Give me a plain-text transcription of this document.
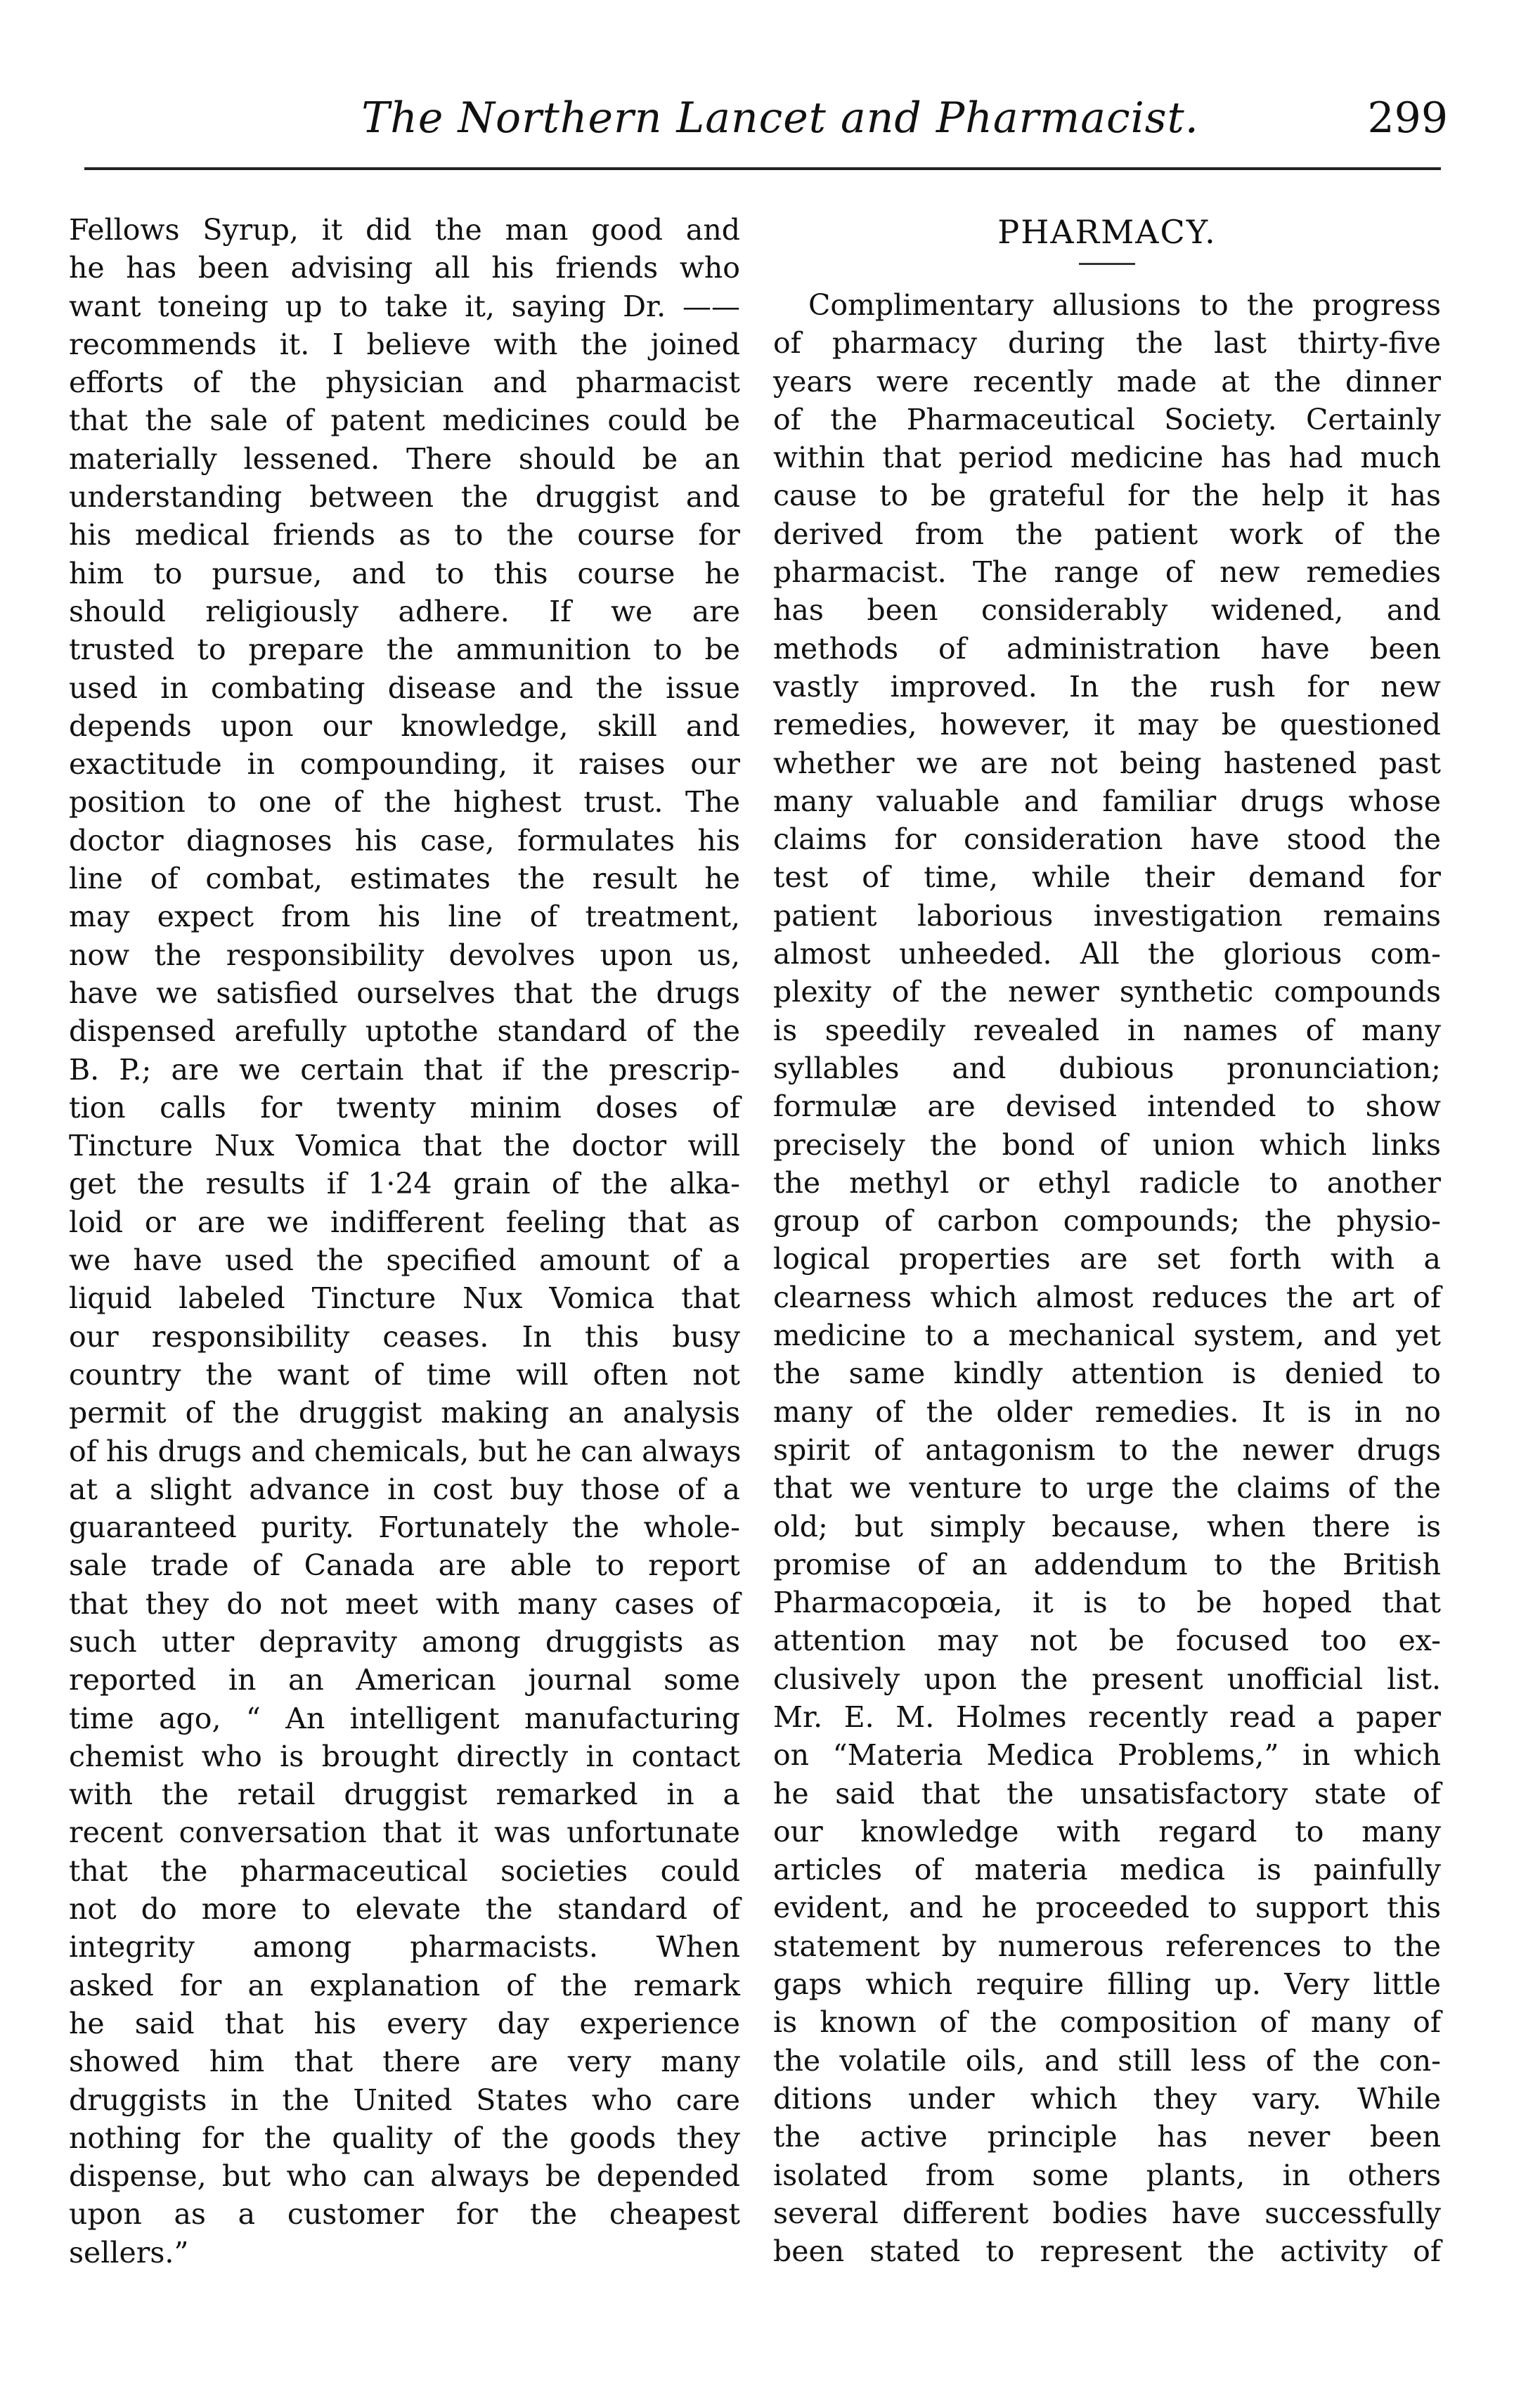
The Northern Lancet and Pharmacist.	299
Fellows Syrup, it did the man good and
he has been advising all his friends who
want toneing up to take it, saying Dr. ——
recommends it. I believe with the joined
efforts of the physician and pharmacist
that the sale of patent medicines could be
materially lessened. There should be an
understanding between the druggist and
his medical friends as to the course for
him to pursue, and to this course he
should religiously adhere. If we are
trusted to prepare the ammunition to be
used in combating disease and the issue
depends upon our knowledge, skill and
exactitude in compounding, it raises our
position to one of the highest trust. The
doctor diagnoses his case, formulates his
line of combat, estimates the result he
may expect from his line of treatment,
now the responsibility devolves upon us,
have we satisfied ourselves that the drugs
dispensed arefully uptothe standard of the
B. P.; are we certain that if the prescrip-
tion calls for twenty minim doses of
Tincture Nux Vomica that the doctor will
get the results if 1·24 grain of the alka-
loid or are we indifferent feeling that as
we have used the specified amount of a
liquid labeled Tincture Nux Vomica that
our responsibility ceases. In this busy
country the want of time will often not
permit of the druggist making an analysis
of his drugs and chemicals, but he can always
at a slight advance in cost buy those of a
guaranteed purity. Fortunately the whole-
sale trade of Canada are able to report
that they do not meet with many cases of
such utter depravity among druggists as
reported in an American journal some
time ago, “ An intelligent manufacturing
chemist who is brought directly in contact
with the retail druggist remarked in a
recent conversation that it was unfortunate
that the pharmaceutical societies could
not do more to elevate the standard of
integrity among pharmacists. When
asked for an explanation of the remark
he said that his every day experience
showed him that there are very many
druggists in the United States who care
nothing for the quality of the goods they
dispense, but who can always be depended
upon as a customer for the cheapest
sellers.”
PHARMACY.
Complimentary allusions to the progress
of pharmacy during the last thirty-five
years were recently made at the dinner
of the Pharmaceutical Society. Certainly
within that period medicine has had much
cause to be grateful for the help it has
derived from the patient work of the
pharmacist. The range of new remedies
has been considerably widened, and
methods of administration have been
vastly improved. In the rush for new
remedies, however, it may be questioned
whether we are not being hastened past
many valuable and familiar drugs whose
claims for consideration have stood the
test of time, while their demand for
patient laborious investigation remains
almost unheeded. All the glorious com-
plexity of the newer synthetic compounds
is speedily revealed in names of many
syllables and dubious pronunciation;
formulæ are devised intended to show
precisely the bond of union which links
the methyl or ethyl radicle to another
group of carbon compounds; the physio-
logical properties are set forth with a
clearness which almost reduces the art of
medicine to a mechanical system, and yet
the same kindly attention is denied to
many of the older remedies. It is in no
spirit of antagonism to the newer drugs
that we venture to urge the claims of the
old; but simply because, when there is
promise of an addendum to the British
Pharmacopœia, it is to be hoped that
attention may not be focused too ex-
clusively upon the present unofficial list.
Mr. E. M. Holmes recently read a paper
on “Materia Medica Problems,” in which
he said that the unsatisfactory state of
our knowledge with regard to many
articles of materia medica is painfully
evident, and he proceeded to support this
statement by numerous references to the
gaps which require filling up. Very little
is known of the composition of many of
the volatile oils, and still less of the con-
ditions under which they vary. While
the active principle has never been
isolated from some plants, in others
several different bodies have successfully
been stated to represent the activity of
